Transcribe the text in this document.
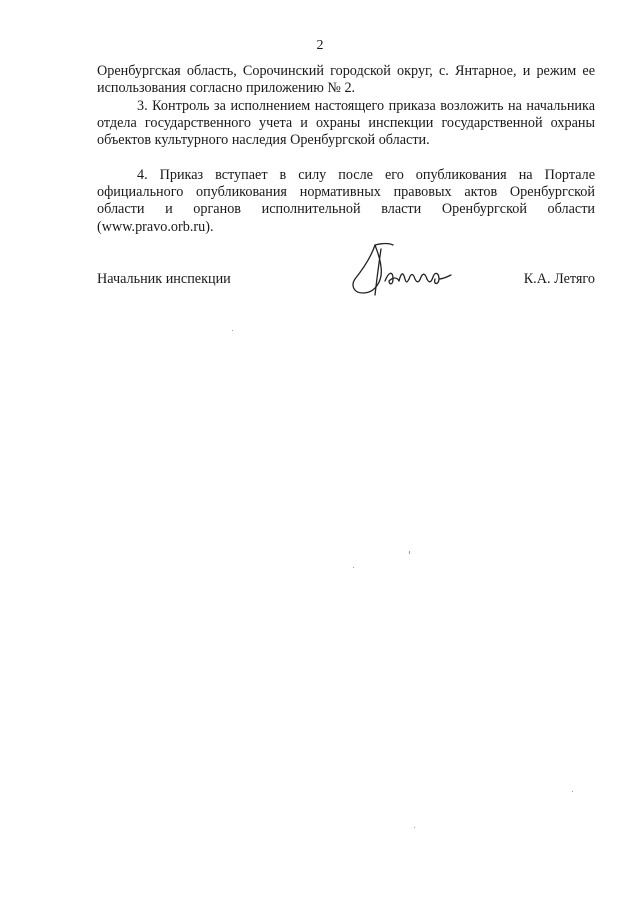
2

Оренбургская область, Сорочинский городской округ, с. Янтарное, и режим ее использования согласно приложению № 2.

3. Контроль за исполнением настоящего приказа возложить на начальника отдела государственного учета и охраны инспекции государственной охраны объектов культурного наследия Оренбургской области.

4. Приказ вступает в силу после его опубликования на Портале официального опубликования нормативных правовых актов Оренбургской области и органов исполнительной власти Оренбургской области (www.pravo.orb.ru).

Начальник инспекции	К.А. Летяго
